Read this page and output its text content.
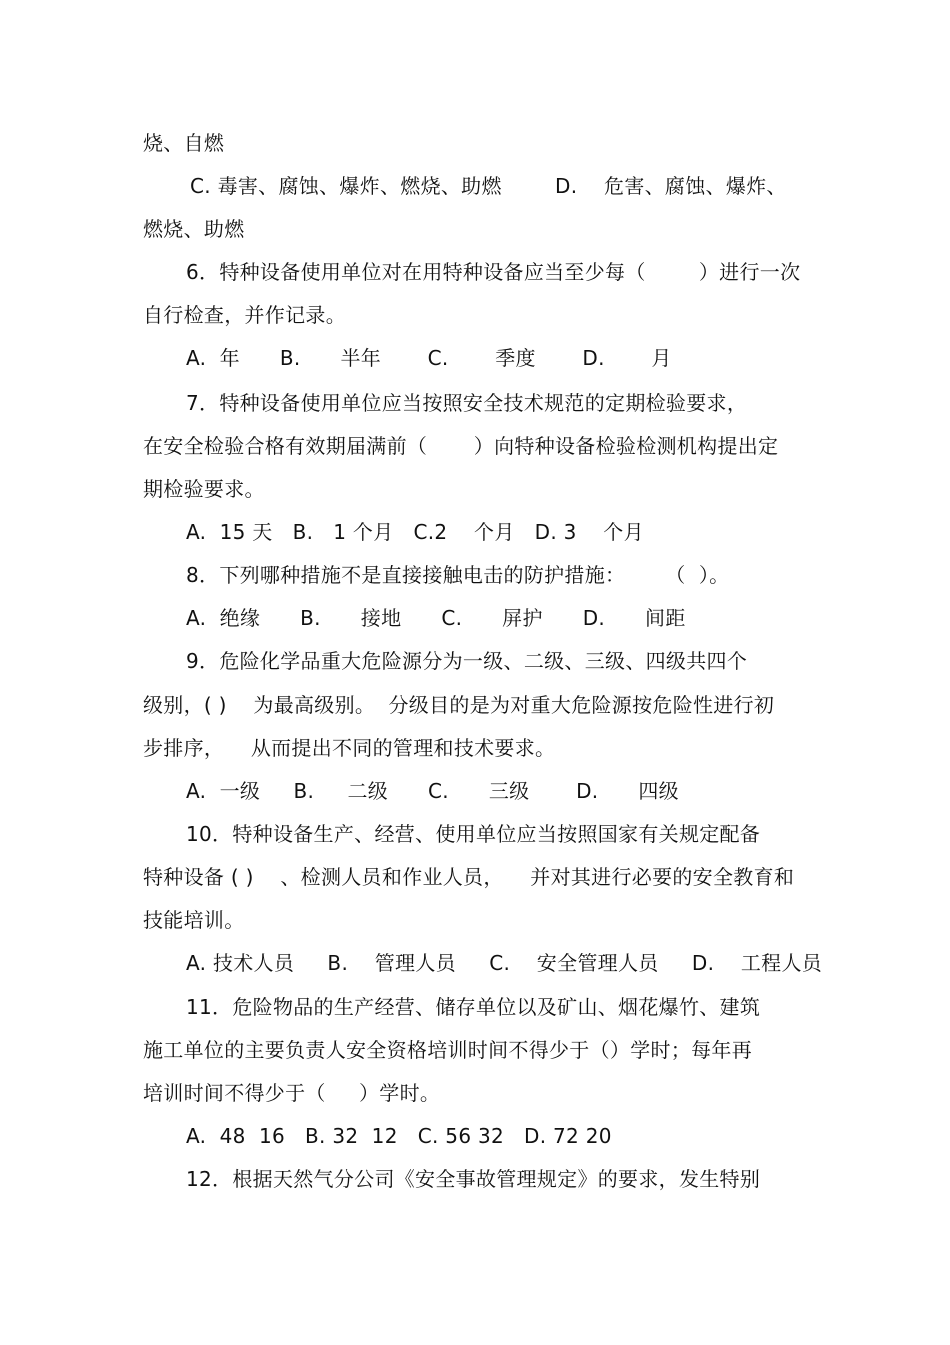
烧、自燃
C. 毒害、腐蚀、爆炸、燃烧、助燃        D.    危害、腐蚀、爆炸、
燃烧、助燃
6．特种设备使用单位对在用特种设备应当至少每（        ）进行一次
自行检查，并作记录。
A.  年      B.      半年       C.       季度       D.       月
7．特种设备使用单位应当按照安全技术规范的定期检验要求，
在安全检验合格有效期届满前（       ）向特种设备检验检测机构提出定
期检验要求。
A.  15 天   B.   1 个月   C.2    个月   D. 3    个月
8．下列哪种措施不是直接接触电击的防护措施：      （  ）。
A.  绝缘      B.      接地      C.      屏护      D.      间距
9．危险化学品重大危险源分为一级、二级、三级、四级共四个
级别，( )    为最高级别。  分级目的是为对重大危险源按危险性进行初
步排序，    从而提出不同的管理和技术要求。
A.  一级     B.     二级      C.      三级       D.      四级
10．特种设备生产、经营、使用单位应当按照国家有关规定配备
特种设备 ( )    、检测人员和作业人员，    并对其进行必要的安全教育和
技能培训。
A. 技术人员     B.    管理人员     C.    安全管理人员     D.    工程人员
11．危险物品的生产经营、储存单位以及矿山、烟花爆竹、建筑
施工单位的主要负责人安全资格培训时间不得少于（）学时；每年再
培训时间不得少于（     ）学时。
A.  48  16   B. 32  12   C. 56 32   D. 72 20
12．根据天然气分公司《安全事故管理规定》的要求，发生特别
